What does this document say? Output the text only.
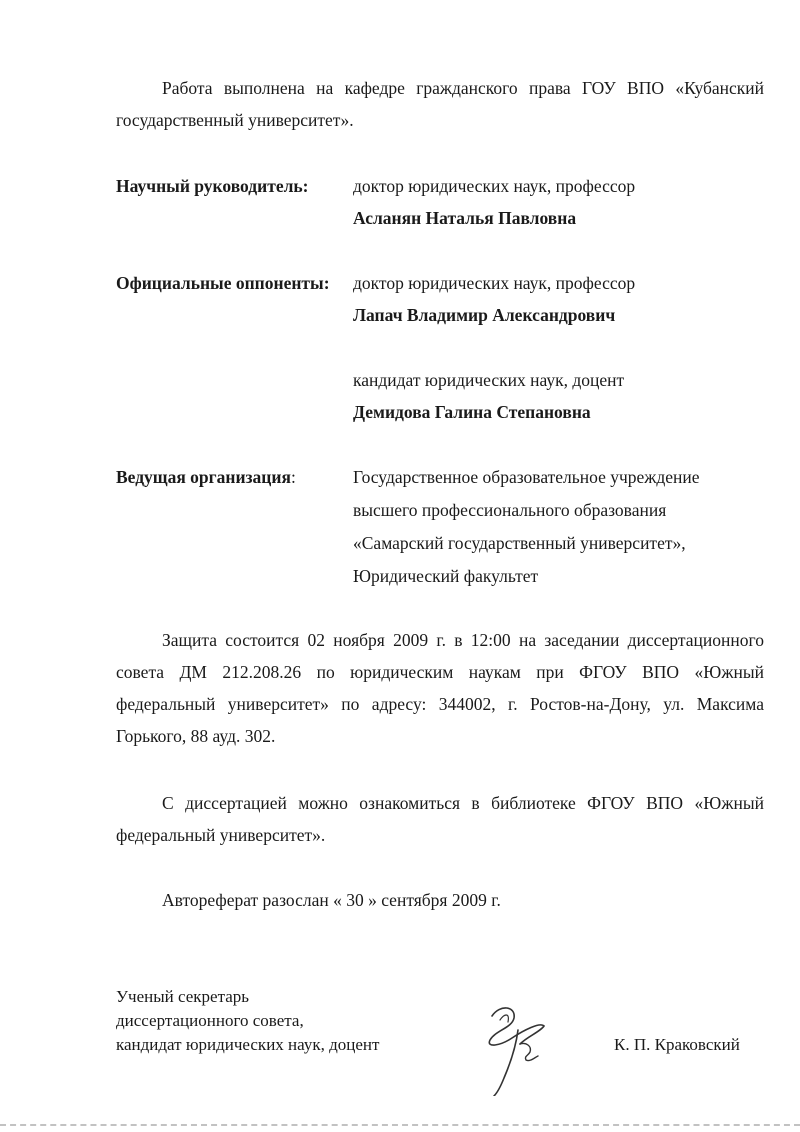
Работа выполнена на кафедре гражданского права ГОУ ВПО «Кубанский государственный университет».

Научный руководитель:	доктор юридических наук, профессор
Асланян Наталья Павловна
Официальные оппоненты: доктор юридических наук, профессор
Лапач Владимир Александрович
кандидат юридических наук, доцент
Демидова Галина Степановна
Ведущая организация:	Государственное образовательное учреждение
высшего профессионального образования
«Самарский государственный университет»,
Юридический факультет

Защита состоится 02 ноября 2009 г. в 12:00 на заседании диссертационного совета ДМ 212.208.26 по юридическим наукам при ФГОУ ВПО «Южный федеральный университет» по адресу: 344002, г. Ростов-на-Дону, ул. Максима Горького, 88 ауд. 302.

С диссертацией можно ознакомиться в библиотеке ФГОУ ВПО «Южный федеральный университет».

Автореферат разослан « 30 » сентября 2009 г.

Ученый секретарь
диссертационного совета,
кандидат юридических наук, доцент	К. П. Краковский
